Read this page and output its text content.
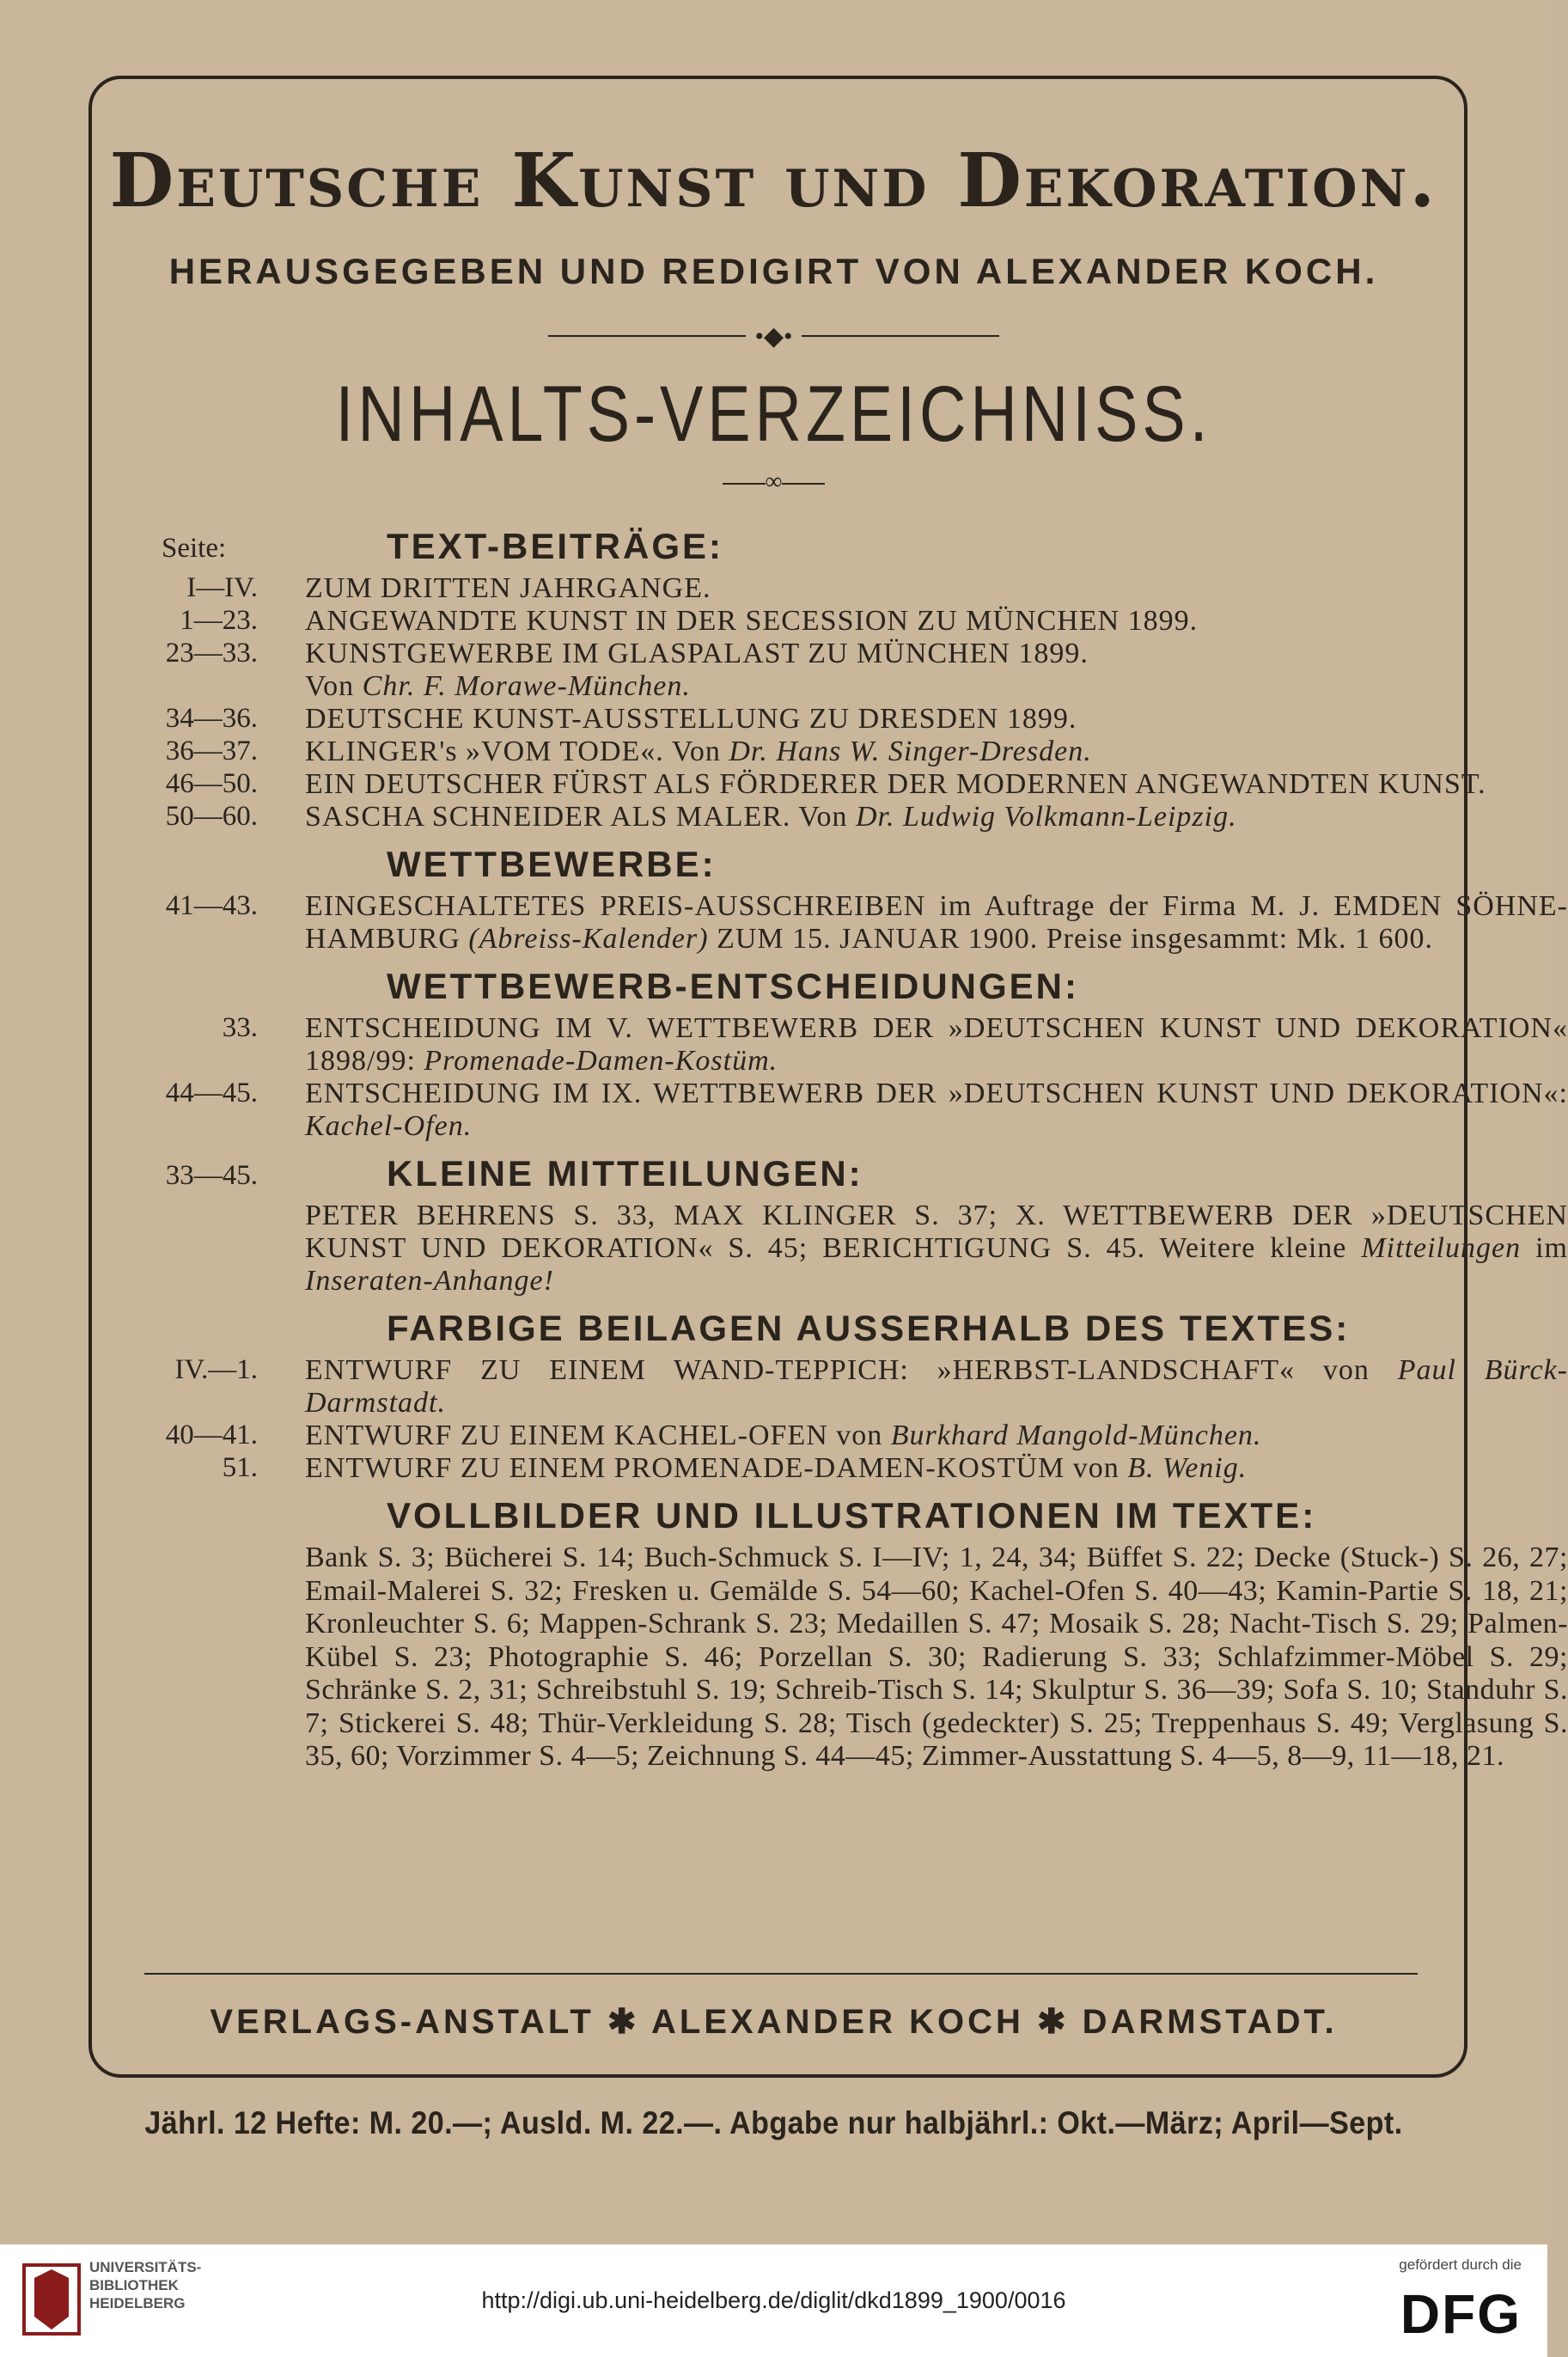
Deutsche Kunst und Dekoration.
HERAUSGEGEBEN UND REDIGIRT VON ALEXANDER KOCH.
•◆•
INHALTS-VERZEICHNISS.
∞
Seite:	TEXT-BEITRÄGE:
I—IV. ZUM DRITTEN JAHRGANGE.
1—23. ANGEWANDTE KUNST IN DER SECESSION ZU MÜNCHEN 1899.
23—33. KUNSTGEWERBE IM GLASPALAST ZU MÜNCHEN 1899.
Von Chr. F. Morawe-München.
34—36. DEUTSCHE KUNST-AUSSTELLUNG ZU DRESDEN 1899.
36—37. KLINGER's »VOM TODE«. Von Dr. Hans W. Singer-Dresden.
46—50. EIN DEUTSCHER FÜRST ALS FÖRDERER DER MODERNEN ANGEWANDTEN KUNST.
50—60. SASCHA SCHNEIDER ALS MALER. Von Dr. Ludwig Volkmann-Leipzig.
WETTBEWERBE:
41—43. EINGESCHALTETES PREIS-AUSSCHREIBEN im Auftrage der Firma M. J. EMDEN SÖHNE-HAMBURG (Abreiss-Kalender) ZUM 15. JANUAR 1900. Preise insgesammt: Mk. 1 600.
WETTBEWERB-ENTSCHEIDUNGEN:
33. ENTSCHEIDUNG IM V. WETTBEWERB DER »DEUTSCHEN KUNST UND DEKORATION« 1898/99: Promenade-Damen-Kostüm.
44—45. ENTSCHEIDUNG IM IX. WETTBEWERB DER »DEUTSCHEN KUNST UND DEKORATION«: Kachel-Ofen.
33—45.	KLEINE MITTEILUNGEN:
PETER BEHRENS S. 33, MAX KLINGER S. 37; X. WETTBEWERB DER »DEUTSCHEN KUNST UND DEKORATION« S. 45; BERICHTIGUNG S. 45. Weitere kleine Mitteilungen im Inseraten-Anhange!
FARBIGE BEILAGEN AUSSERHALB DES TEXTES:
IV.—1. ENTWURF ZU EINEM WAND-TEPPICH: »HERBST-LANDSCHAFT« von Paul Bürck-Darmstadt.
40—41. ENTWURF ZU EINEM KACHEL-OFEN von Burkhard Mangold-München.
51. ENTWURF ZU EINEM PROMENADE-DAMEN-KOSTÜM von B. Wenig.
VOLLBILDER UND ILLUSTRATIONEN IM TEXTE:
Bank S. 3; Bücherei S. 14; Buch-Schmuck S. I—IV; 1, 24, 34; Büffet S. 22; Decke (Stuck-) S. 26, 27; Email-Malerei S. 32; Fresken u. Gemälde S. 54—60; Kachel-Ofen S. 40—43; Kamin-Partie S. 18, 21; Kronleuchter S. 6; Mappen-Schrank S. 23; Medaillen S. 47; Mosaik S. 28; Nacht-Tisch S. 29; Palmen-Kübel S. 23; Photographie S. 46; Porzellan S. 30; Radierung S. 33; Schlafzimmer-Möbel S. 29; Schränke S. 2, 31; Schreibstuhl S. 19; Schreib-Tisch S. 14; Skulptur S. 36—39; Sofa S. 10; Standuhr S. 7; Stickerei S. 48; Thür-Verkleidung S. 28; Tisch (gedeckter) S. 25; Treppenhaus S. 49; Verglasung S. 35, 60; Vorzimmer S. 4—5; Zeichnung S. 44—45; Zimmer-Ausstattung S. 4—5, 8—9, 11—18, 21.
VERLAGS-ANSTALT ✱ ALEXANDER KOCH ✱ DARMSTADT.
Jährl. 12 Hefte: M. 20.—; Ausld. M. 22.—. Abgabe nur halbjährl.: Okt.—März; April—Sept.
UNIVERSITÄTS-
BIBLIOTHEK
HEIDELBERG	http://digi.ub.uni-heidelberg.de/diglit/dkd1899_1900/0016
gefördert durch die
DFG
